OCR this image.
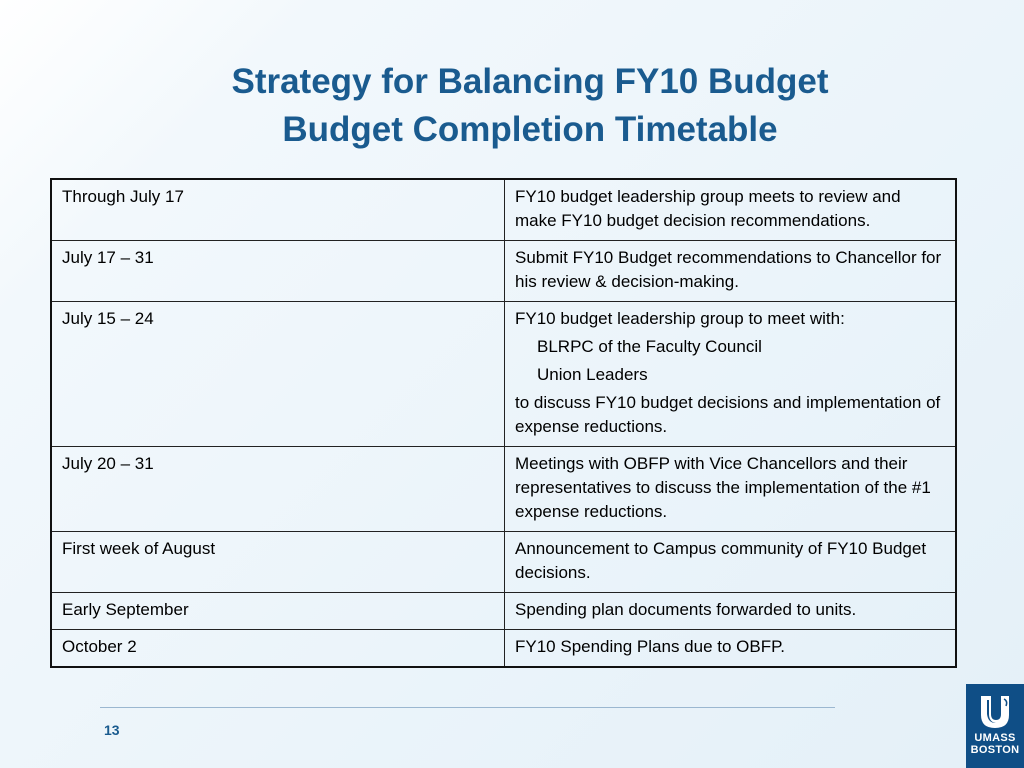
Strategy for Balancing FY10 Budget
Budget Completion Timetable
Through July 17	FY10 budget leadership group meets to review and make FY10 budget decision recommendations.
July 17 – 31	Submit FY10 Budget recommendations to Chancellor for his review & decision-making.
July 15 – 24	FY10 budget leadership group to meet with:
BLRPC of the Faculty Council
Union Leaders
to discuss FY10 budget decisions and implementation of expense reductions.

July 20 – 31	Meetings with OBFP with Vice Chancellors and their representatives to discuss the implementation of the #1 expense reductions.
First week of August	Announcement to Campus community of FY10 Budget decisions.
Early September	Spending plan documents forwarded to units.
October 2	FY10 Spending Plans due to OBFP.
13	UMASS
BOSTON
